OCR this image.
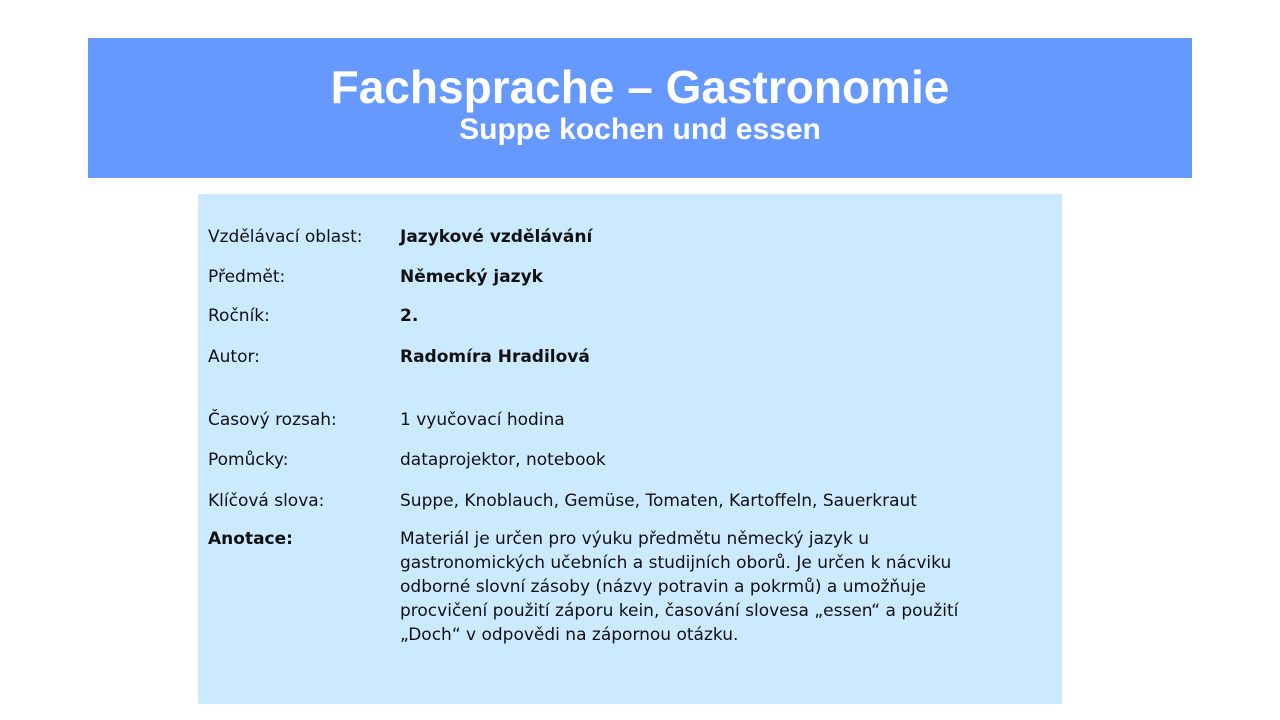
Fachsprache – Gastronomie
Suppe kochen und essen
Vzdělávací oblast:	Jazykové vzdělávání
Předmět:	Německý jazyk
Ročník:	2.
Autor:	Radomíra Hradilová
Časový rozsah:	1 vyučovací hodina
Pomůcky:	dataprojektor, notebook
Klíčová slova:	Suppe, Knoblauch, Gemüse, Tomaten, Kartoffeln, Sauerkraut
Anotace:	Materiál je určen pro výuku předmětu německý jazyk u
gastronomických učebních a studijních oborů. Je určen k nácviku
odborné slovní zásoby (názvy potravin a pokrmů) a umožňuje
procvičení použití záporu kein, časování slovesa „essen“ a použití
„Doch“ v odpovědi na zápornou otázku.
